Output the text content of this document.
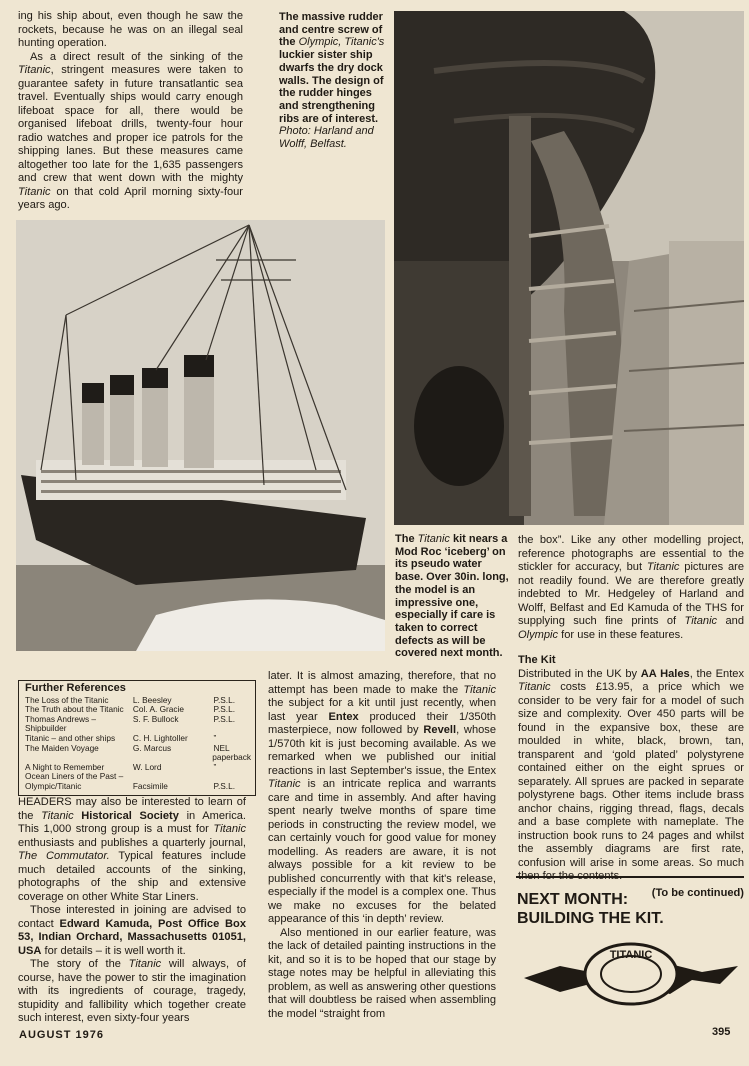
ing his ship about, even though he saw the rockets, because he was on an illegal seal hunting operation.

As a direct result of the sinking of the Titanic, stringent measures were taken to guarantee safety in future transatlantic sea travel. Eventually ships would carry enough lifeboat space for all, there would be organised lifeboat drills, twenty-four hour radio watches and proper ice patrols for the shipping lanes. But these measures came altogether too late for the 1,635 passengers and crew that went down with the mighty Titanic on that cold April morning sixty-four years ago.

The massive rudder and centre screw of the Olympic, Titanic's luckier sister ship dwarfs the dry dock walls. The design of the rudder hinges and strengthening ribs are of interest.
Photo: Harland and Wolff, Belfast.
The Titanic kit nears a Mod Roc ‘iceberg’ on its pseudo water base. Over 30in. long, the model is an impressive one, especially if care is taken to correct defects as will be covered next month.

the box”. Like any other modelling project, reference photographs are essential to the stickler for accuracy, but Titanic pictures are not readily found. We are therefore greatly indebted to Mr. Hedgeley of Harland and Wolff, Belfast and Ed Kamuda of the THS for supplying such fine prints of Titanic and Olympic for use in these features.

The Kit

Distributed in the UK by AA Hales, the Entex Titanic costs £13.95, a price which we consider to be very fair for a model of such size and complexity. Over 450 parts will be found in the expansive box, these are moulded in white, black, brown, tan, transparent and ‘gold plated’ polystyrene contained either on the eight sprues or separately. All sprues are packed in separate polystyrene bags. Other items include brass anchor chains, rigging thread, flags, decals and a base complete with nameplate. The instruction book runs to 24 pages and whilst the assembly diagrams are first rate, confusion will arise in some areas. So much

(To be continued)
NEXT MONTH:
BUILDING THE KIT.
TITANIC
Further References
The Loss of the Titanic	L. Beesley	P.S.L.
The Truth about the Titanic	Col. A. Gracie	P.S.L.
Thomas Andrews – Shipbuilder
S. F. Bullock	P.S.L.
Titanic – and other ships	C. H. Lightoller	”
The Maiden Voyage	G. Marcus	NEL
paperback
A Night to Remember	W. Lord	”
Ocean Liners of the Past –
Olympic/Titanic	Facsimile	P.S.L.

HEADERS may also be interested to learn of the Titanic Historical Society in America. This 1,000 strong group is a must for Titanic enthusiasts and publishes a quarterly journal, The Commutator. Typical features include much detailed accounts of the sinking, photographs of the ship and extensive coverage on other White Star Liners.

Those interested in joining are advised to contact Edward Kamuda, Post Office Box 53, Indian Orchard, Massachusetts 01051, USA for details – it is well worth it.

The story of the Titanic will always, of course, have the power to stir the imagination with its ingredients of courage, tragedy, stupidity and fallibility which together create such interest, even sixty-four years

later. It is almost amazing, therefore, that no attempt has been made to make the Titanic the subject for a kit until just recently, when last year Entex produced their 1/350th masterpiece, now followed by Revell, whose 1/570th kit is just becoming available. As we remarked when we published our initial reactions in last September's issue, the Entex Titanic is an intricate replica and warrants care and time in assembly. And after having spent nearly twelve months of spare time periods in constructing the review model, we can certainly vouch for good value for money modelling. As readers are aware, it is not always possible for a kit review to be published concurrently with that kit's release, especially if the model is a complex one. Thus we make no excuses for the belated appearance of this ‘in depth’ review.

Also mentioned in our earlier feature, was the lack of detailed painting instructions in the kit, and so it is to be hoped that our stage by stage notes may be helpful in alleviating this problem, as well as answering other questions that will doubtless be raised when assembling the model “straight from

AUGUST 1976	395
